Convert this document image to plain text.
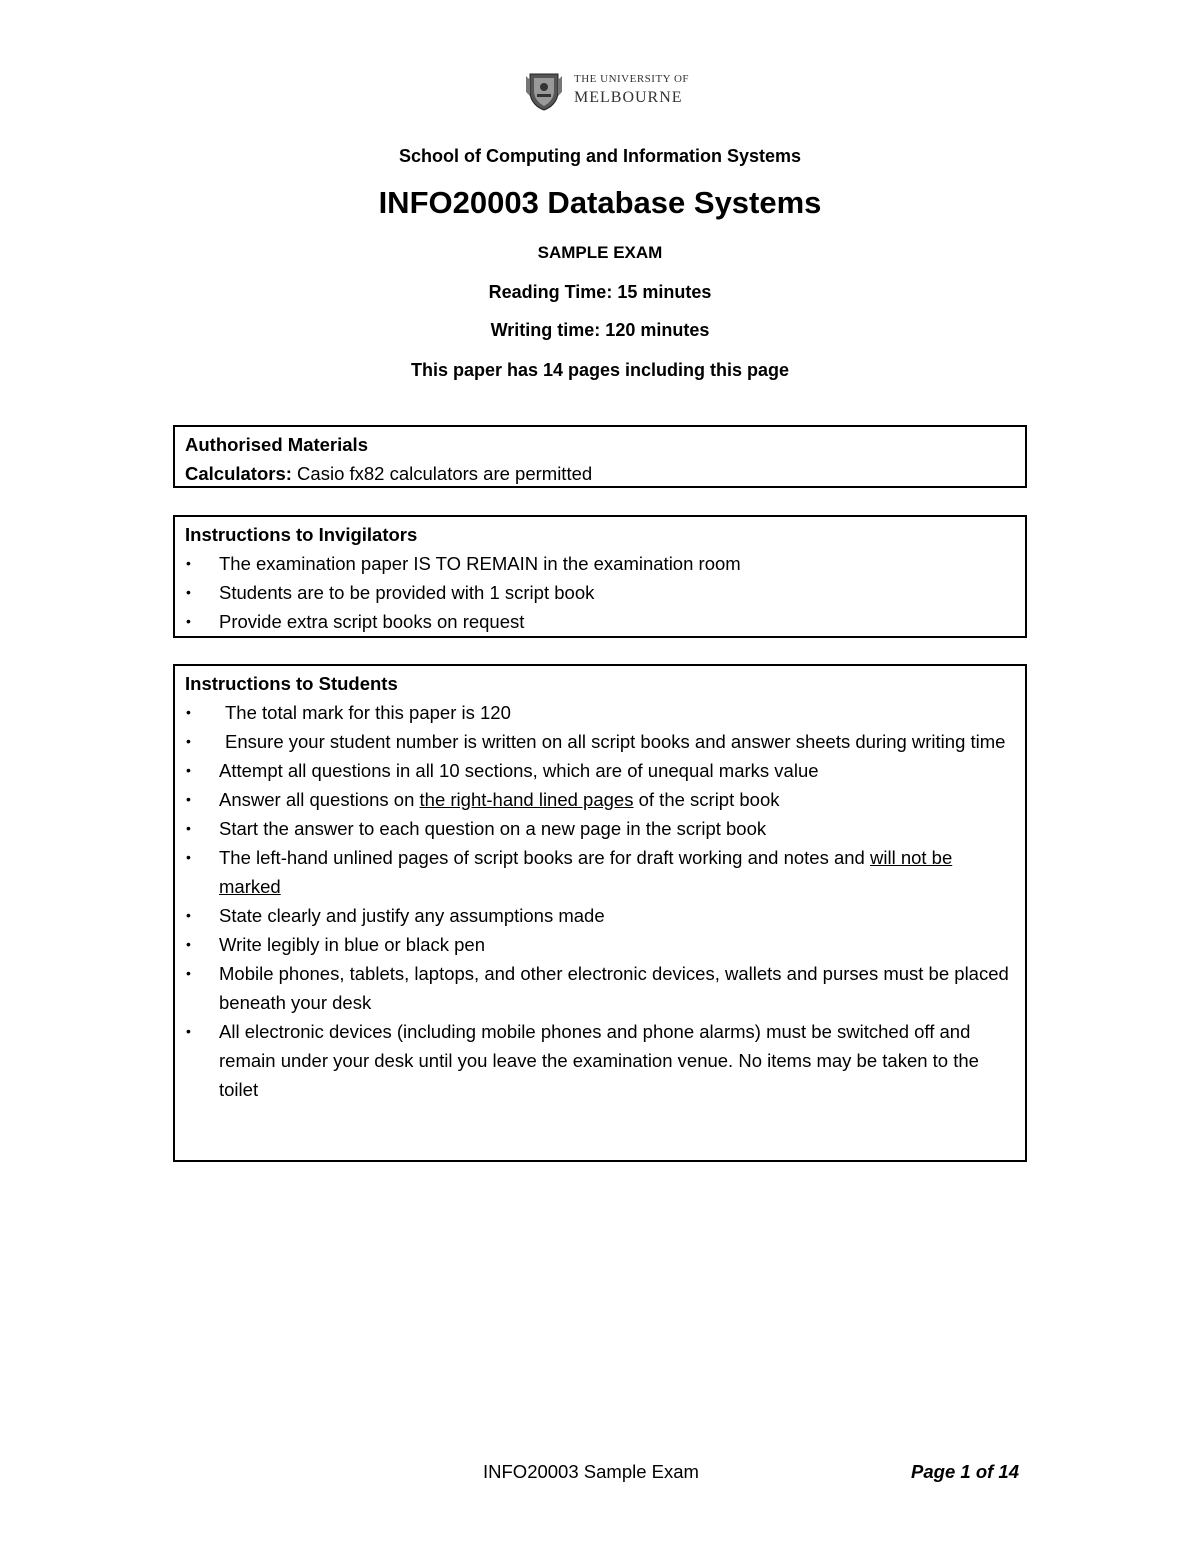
THE UNIVERSITY OF
MELBOURNE
School of Computing and Information Systems
INFO20003 Database Systems
SAMPLE EXAM
Reading Time: 15 minutes
Writing time: 120 minutes
This paper has 14 pages including this page
Authorised Materials
Calculators: Casio fx82 calculators are permitted
Instructions to Invigilators
• The examination paper IS TO REMAIN in the examination room
• Students are to be provided with 1 script book
• Provide extra script books on request
Instructions to Students
• The total mark for this paper is 120
• Ensure your student number is written on all script books and answer sheets during writing time
• Attempt all questions in all 10 sections, which are of unequal marks value
• Answer all questions on the right-hand lined pages of the script book
• Start the answer to each question on a new page in the script book
• The left-hand unlined pages of script books are for draft working and notes and will not be marked
• State clearly and justify any assumptions made
• Write legibly in blue or black pen
• Mobile phones, tablets, laptops, and other electronic devices, wallets and purses must be placed beneath your desk
• All electronic devices (including mobile phones and phone alarms) must be switched off and remain under your desk until you leave the examination venue. No items may be taken to the toilet
INFO20003 Sample Exam	Page 1 of 14
